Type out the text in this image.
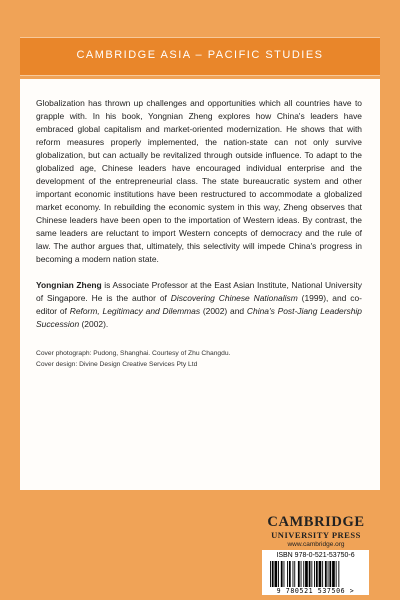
CAMBRIDGE ASIA – PACIFIC STUDIES

Globalization has thrown up challenges and opportunities which all countries have to grapple with. In his book, Yongnian Zheng explores how China's leaders have embraced global capitalism and market-oriented modernization. He shows that with reform measures properly implemented, the nation-state can not only survive globalization, but can actually be revitalized through outside influence. To adapt to the globalized age, Chinese leaders have encouraged individual enterprise and the development of the entrepreneurial class. The state bureaucratic system and other important economic institutions have been restructured to accommodate a globalized market economy. In rebuilding the economic system in this way, Zheng observes that Chinese leaders have been open to the importation of Western ideas. By contrast, the same leaders are reluctant to import Western concepts of democracy and the rule of law. The author argues that, ultimately, this selectivity will impede China's progress in becoming a modern nation state.

Yongnian Zheng is Associate Professor at the East Asian Institute, National University of Singapore. He is the author of Discovering Chinese Nationalism (1999), and co-editor of Reform, Legitimacy and Dilemmas (2002) and China's Post-Jiang Leadership Succession (2002).

Cover photograph: Pudong, Shanghai. Courtesy of Zhu Changdu.
Cover design: Divine Design Creative Services Pty Ltd
CAMBRIDGE
UNIVERSITY PRESS
www.cambridge.org
ISBN 978-0-521-53750-6
9 780521 537506 >
